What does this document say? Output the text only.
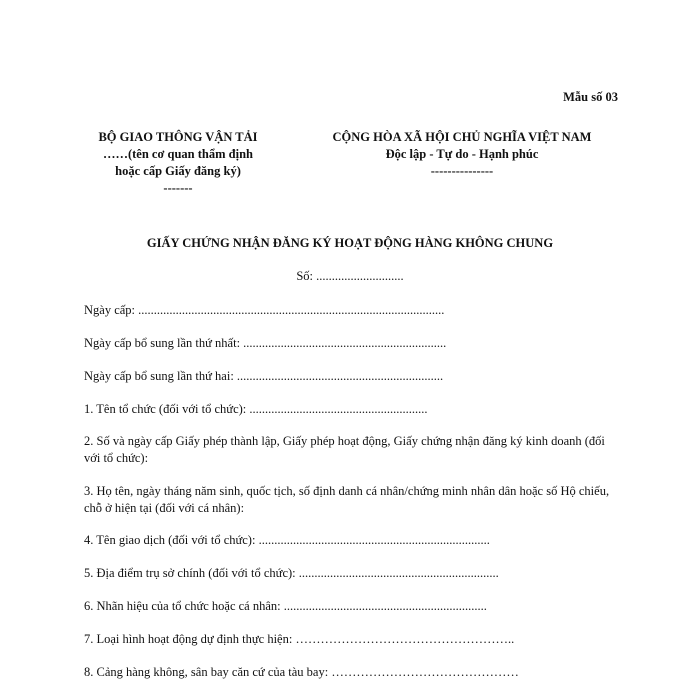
Mẫu số 03
BỘ GIAO THÔNG VẬN TẢI
……(tên cơ quan thẩm định
hoặc cấp Giấy đăng ký)
-------
CỘNG HÒA XÃ HỘI CHỦ NGHĨA VIỆT NAM
Độc lập - Tự do - Hạnh phúc
---------------
GIẤY CHỨNG NHẬN ĐĂNG KÝ HOẠT ĐỘNG HÀNG KHÔNG CHUNG
Số: ............................
Ngày cấp: ..................................................................................................
Ngày cấp bổ sung lần thứ nhất: .................................................................
Ngày cấp bổ sung lần thứ hai: ..................................................................
1. Tên tổ chức (đối với tổ chức): .........................................................
2. Số và ngày cấp Giấy phép thành lập, Giấy phép hoạt động, Giấy chứng nhận đăng ký kinh doanh (đối với tổ chức):
3. Họ tên, ngày tháng năm sinh, quốc tịch, số định danh cá nhân/chứng minh nhân dân hoặc số Hộ chiếu, chỗ ở hiện tại (đối với cá nhân):
4. Tên giao dịch (đối với tổ chức): ..........................................................................
5. Địa điểm trụ sở chính (đối với tổ chức): ................................................................
6. Nhãn hiệu của tổ chức hoặc cá nhân: .................................................................
7. Loại hình hoạt động dự định thực hiện: ……………………………………………..
8. Cảng hàng không, sân bay căn cứ của tàu bay: ………………………………………
